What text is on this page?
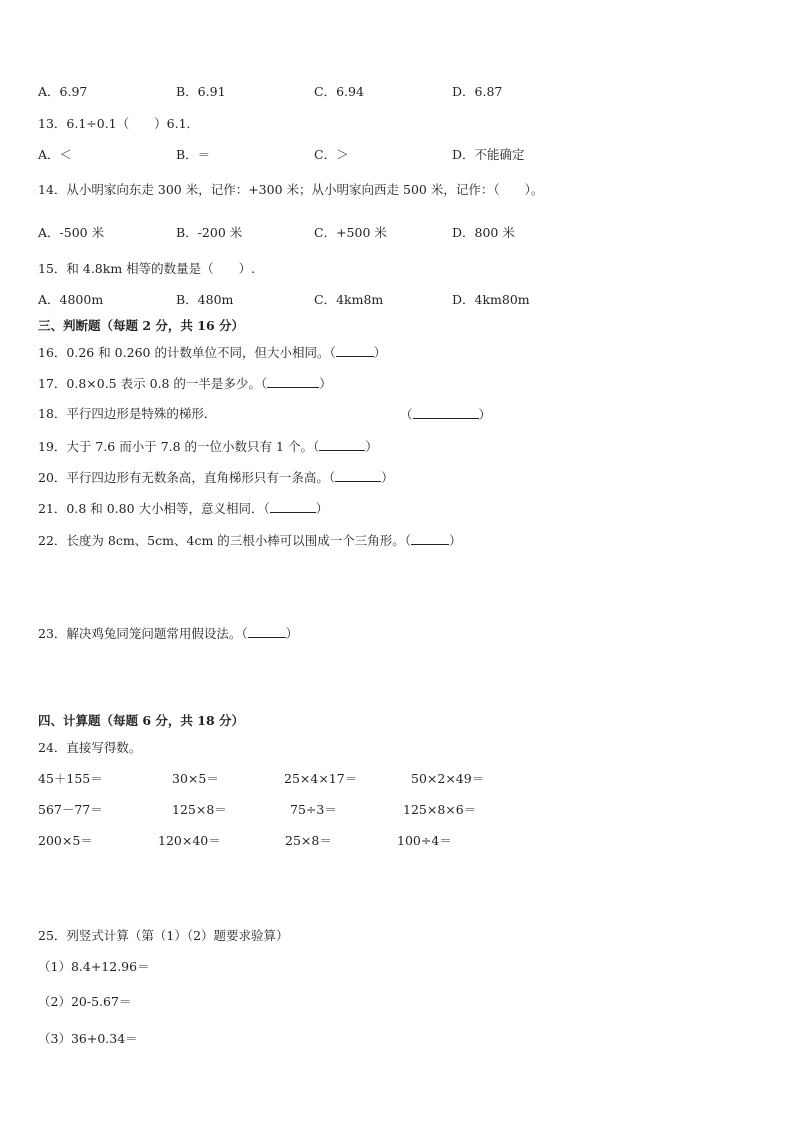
A．6.97	B．6.91	C．6.94	D．6.87
13．6.1÷0.1（　　）6.1．
A．＜	B．＝	C．＞	D．不能确定
14．从小明家向东走 300 米，记作：+300 米；从小明家向西走 500 米，记作：（　　）。
A．-500 米	B．-200 米	C．+500 米	D．800 米
15．和 4.8km 相等的数量是（　　）.
A．4800m	B．480m	C．4km8m	D．4km80m
三、判断题（每题 2 分，共 16 分）
16．0.26 和 0.260 的计数单位不同，但大小相同。（	）
17．0.8×0.5 表示 0.8 的一半是多少。（	）
18．平行四边形是特殊的梯形．	（	）
19．大于 7.6 而小于 7.8 的一位小数只有 1 个。（	）
20．平行四边形有无数条高，直角梯形只有一条高。（	）
21．0.8 和 0.80 大小相等，意义相同．（	）
22．长度为 8cm、5cm、4cm 的三根小棒可以围成一个三角形。（	）
23．解决鸡兔同笼问题常用假设法。（	）
四、计算题（每题 6 分，共 18 分）
24．直接写得数。
45＋155＝	30×5＝	25×4×17＝	50×2×49＝
567－77＝	125×8＝	75÷3＝	125×8×6＝
200×5＝	120×40＝	25×8＝	100÷4＝
25．列竖式计算（第（1）（2）题要求验算）
（1）8.4+12.96＝
（2）20-5.67＝
（3）36+0.34＝
